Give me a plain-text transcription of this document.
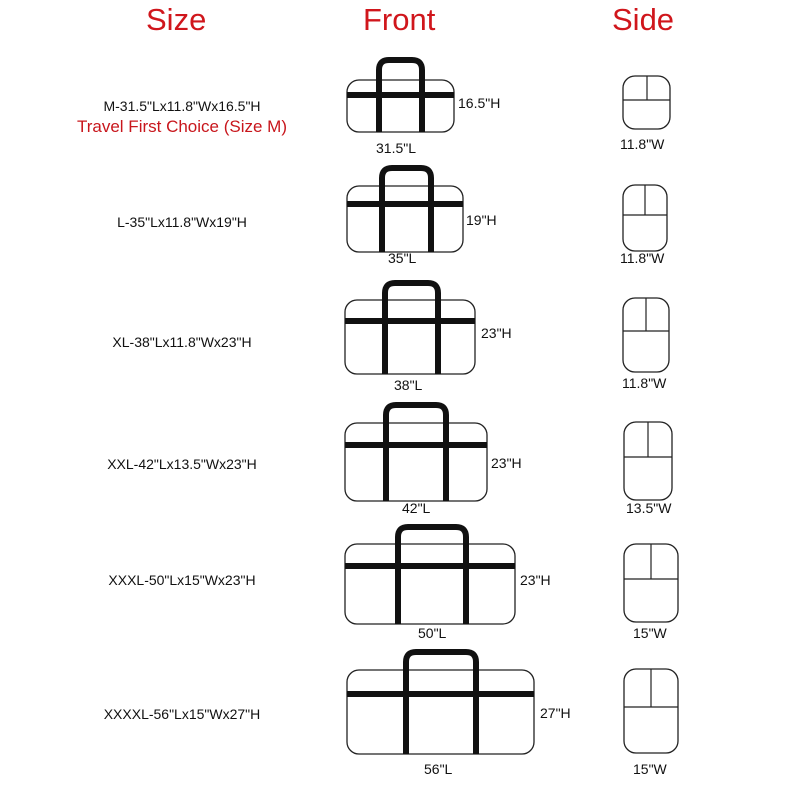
Size	Front	Side
M-31.5"Lx11.8"Wx16.5"H
Travel First Choice (Size M)
31.5"L
16.5"H
11.8"W
L-35"Lx11.8"Wx19"H
35"L
19"H
11.8"W
XL-38"Lx11.8"Wx23"H
38"L
23"H
11.8"W
XXL-42"Lx13.5"Wx23"H
42"L
23"H
13.5"W
XXXL-50"Lx15"Wx23"H
50"L
23"H
15"W
XXXXL-56"Lx15"Wx27"H
56"L
27"H
15"W
